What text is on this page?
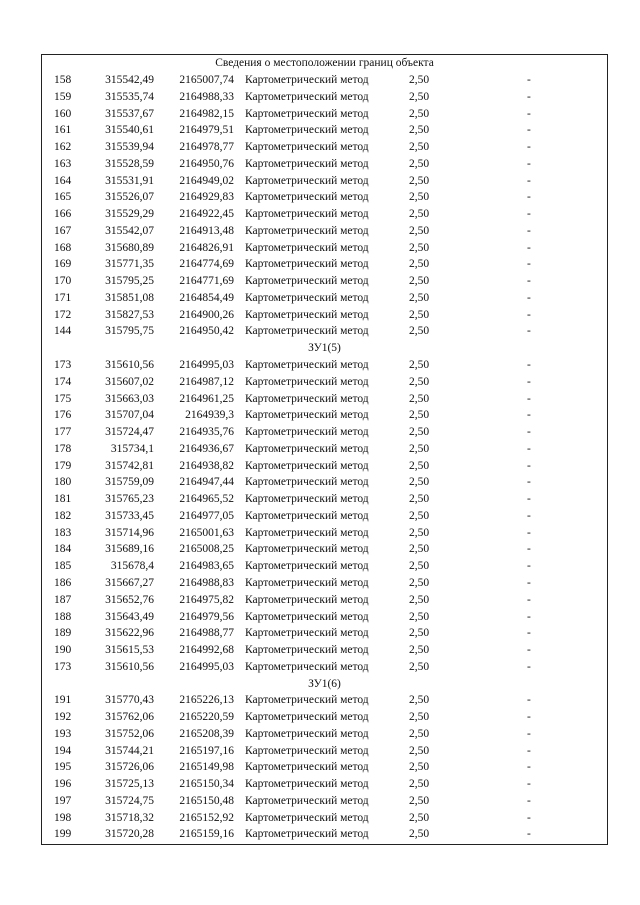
Сведения о местоположении границ объекта
158	315542,49	2165007,74 Картометрический метод	2,50	-
159	315535,74	2164988,33 Картометрический метод	2,50	-
160	315537,67	2164982,15 Картометрический метод	2,50	-
161	315540,61	2164979,51 Картометрический метод	2,50	-
162	315539,94	2164978,77 Картометрический метод	2,50	-
163	315528,59	2164950,76 Картометрический метод	2,50	-
164	315531,91	2164949,02 Картометрический метод	2,50	-
165	315526,07	2164929,83 Картометрический метод	2,50	-
166	315529,29	2164922,45 Картометрический метод	2,50	-
167	315542,07	2164913,48 Картометрический метод	2,50	-
168	315680,89	2164826,91 Картометрический метод	2,50	-
169	315771,35	2164774,69 Картометрический метод	2,50	-
170	315795,25	2164771,69 Картометрический метод	2,50	-
171	315851,08	2164854,49 Картометрический метод	2,50	-
172	315827,53	2164900,26 Картометрический метод	2,50	-
144	315795,75	2164950,42 Картометрический метод	2,50	-
ЗУ1(5)
173	315610,56	2164995,03 Картометрический метод	2,50	-
174	315607,02	2164987,12 Картометрический метод	2,50	-
175	315663,03	2164961,25 Картометрический метод	2,50	-
176	315707,04	2164939,3 Картометрический метод	2,50	-
177	315724,47	2164935,76 Картометрический метод	2,50	-
178	315734,1	2164936,67 Картометрический метод	2,50	-
179	315742,81	2164938,82 Картометрический метод	2,50	-
180	315759,09	2164947,44 Картометрический метод	2,50	-
181	315765,23	2164965,52 Картометрический метод	2,50	-
182	315733,45	2164977,05 Картометрический метод	2,50	-
183	315714,96	2165001,63 Картометрический метод	2,50	-
184	315689,16	2165008,25 Картометрический метод	2,50	-
185	315678,4	2164983,65 Картометрический метод	2,50	-
186	315667,27	2164988,83 Картометрический метод	2,50	-
187	315652,76	2164975,82 Картометрический метод	2,50	-
188	315643,49	2164979,56 Картометрический метод	2,50	-
189	315622,96	2164988,77 Картометрический метод	2,50	-
190	315615,53	2164992,68 Картометрический метод	2,50	-
173	315610,56	2164995,03 Картометрический метод	2,50	-
ЗУ1(6)
191	315770,43	2165226,13 Картометрический метод	2,50	-
192	315762,06	2165220,59 Картометрический метод	2,50	-
193	315752,06	2165208,39 Картометрический метод	2,50	-
194	315744,21	2165197,16 Картометрический метод	2,50	-
195	315726,06	2165149,98 Картометрический метод	2,50	-
196	315725,13	2165150,34 Картометрический метод	2,50	-
197	315724,75	2165150,48 Картометрический метод	2,50	-
198	315718,32	2165152,92 Картометрический метод	2,50	-
199	315720,28	2165159,16 Картометрический метод	2,50	-
